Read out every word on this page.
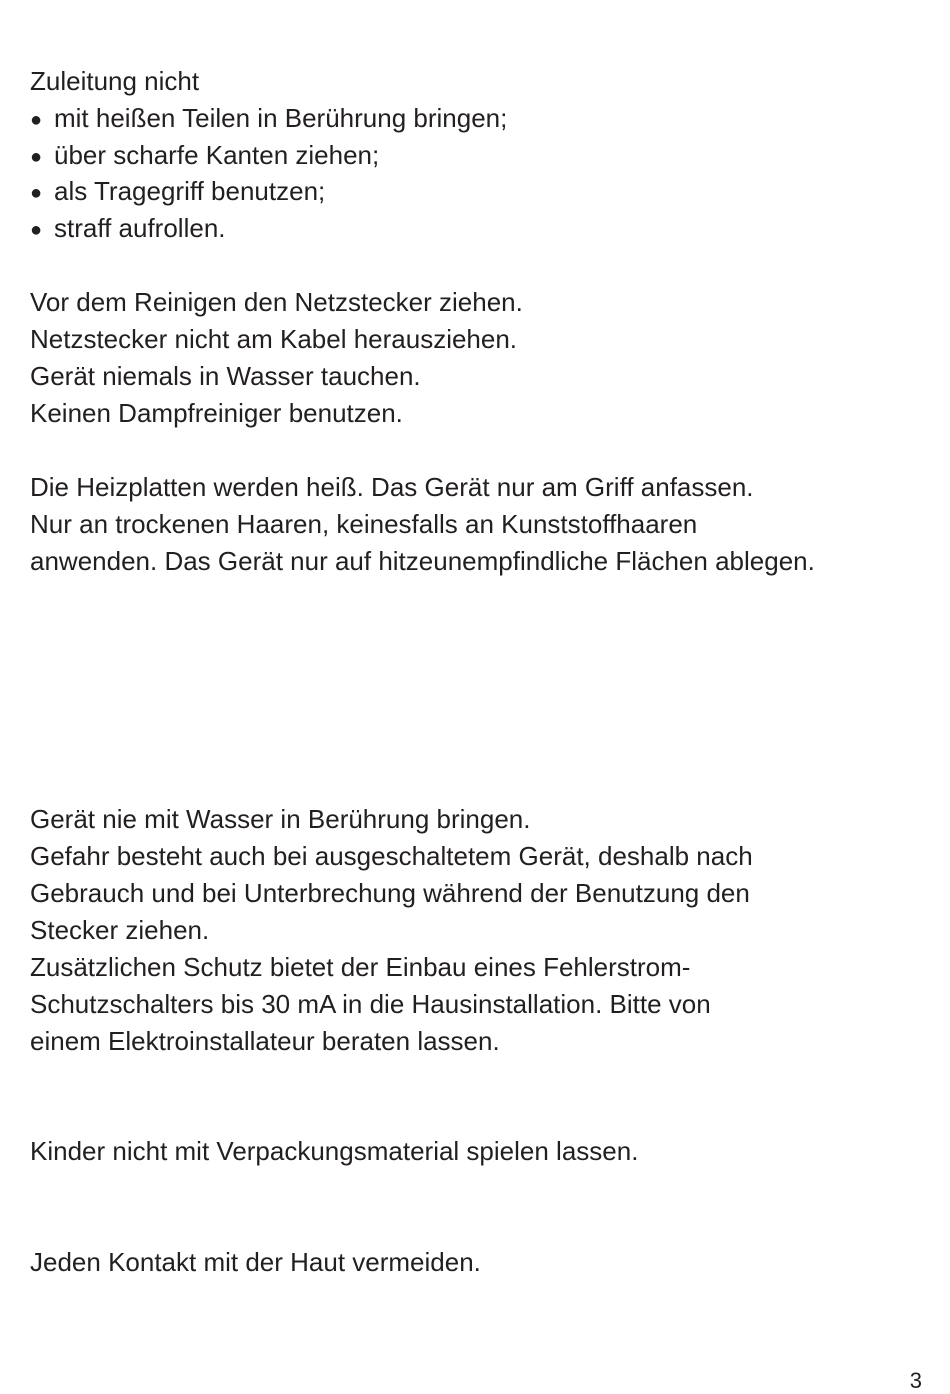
Zuleitung nicht

● mit heißen Teilen in Berührung bringen;

● über scharfe Kanten ziehen;

● als Tragegriff benutzen;

● straff aufrollen.

Vor dem Reinigen den Netzstecker ziehen.

Netzstecker nicht am Kabel herausziehen.

Gerät niemals in Wasser tauchen.

Keinen Dampfreiniger benutzen.

Die Heizplatten werden heiß. Das Gerät nur am Griff anfassen.

Nur an trockenen Haaren, keinesfalls an Kunststoffhaaren

anwenden. Das Gerät nur auf hitzeunempfindliche Flächen ablegen.

Gerät nie mit Wasser in Berührung bringen.

Gefahr besteht auch bei ausgeschaltetem Gerät, deshalb nach

Gebrauch und bei Unterbrechung während der Benutzung den

Stecker ziehen.

Zusätzlichen Schutz bietet der Einbau eines Fehlerstrom-

Schutzschalters bis 30 mA in die Hausinstallation. Bitte von

einem Elektroinstallateur beraten lassen.

Kinder nicht mit Verpackungsmaterial spielen lassen.

Jeden Kontakt mit der Haut vermeiden.

3
